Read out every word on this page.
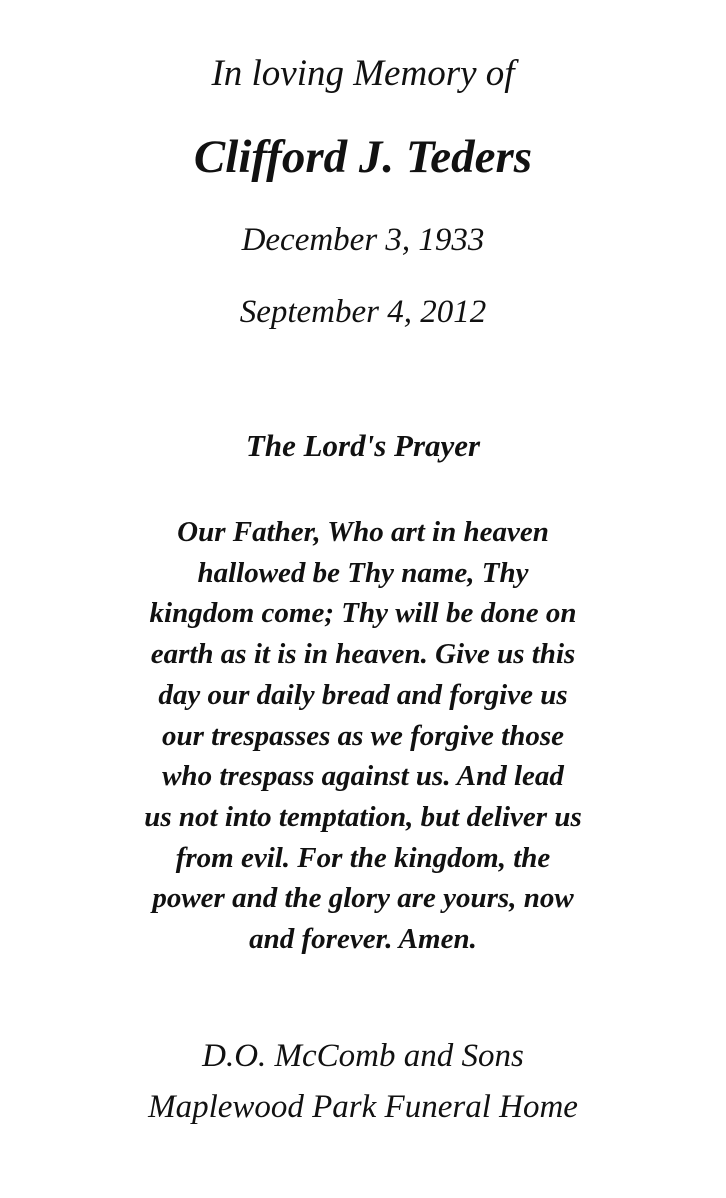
In loving Memory of
Clifford J. Teders
December 3, 1933
September 4, 2012
The Lord's Prayer
Our Father, Who art in heaven
hallowed be Thy name, Thy
kingdom come; Thy will be done on
earth as it is in heaven. Give us this
day our daily bread and forgive us
our trespasses as we forgive those
who trespass against us. And lead
us not into temptation, but deliver us
from evil. For the kingdom, the
power and the glory are yours, now
and forever. Amen.
D.O. McComb and Sons
Maplewood Park Funeral Home
